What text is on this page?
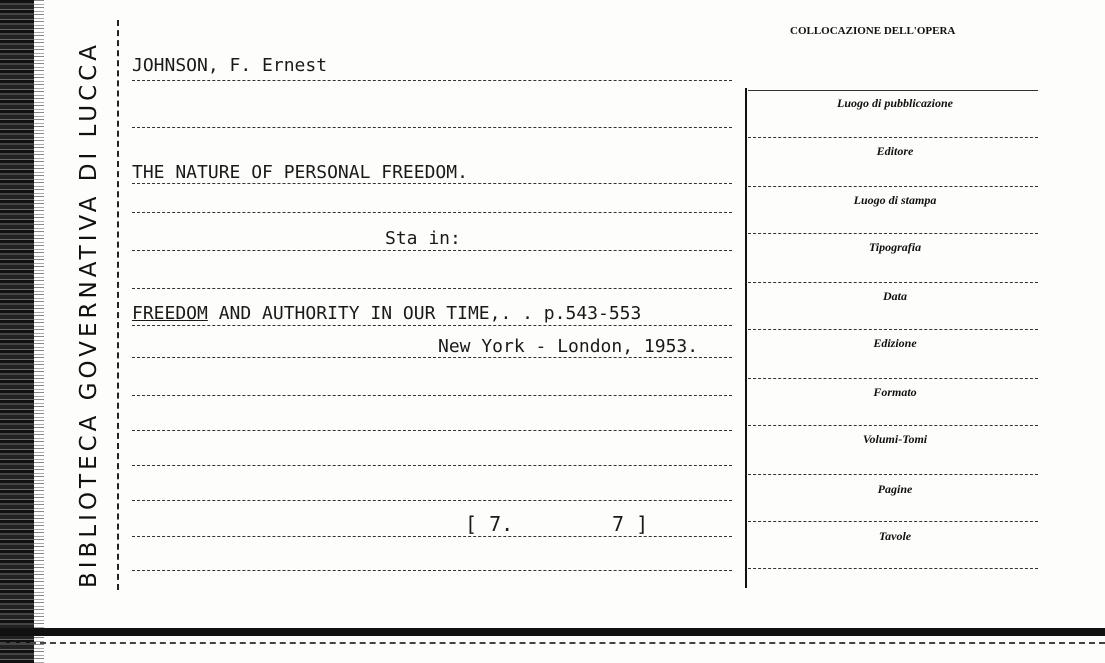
BIBLIOTECA GOVERNATIVA DI LUCCA
COLLOCAZIONE DELL'OPERA
JOHNSON, F. Ernest
THE NATURE OF PERSONAL FREEDOM.
Sta in:
FREEDOM AND AUTHORITY IN OUR TIME,. . p.543-553
New York - London, 1953.
[ 7.	7 ]
Luogo di pubblicazione
Editore
Luogo di stampa
Tipografia
Data
Edizione
Formato
Volumi-Tomi
Pagine
Tavole
